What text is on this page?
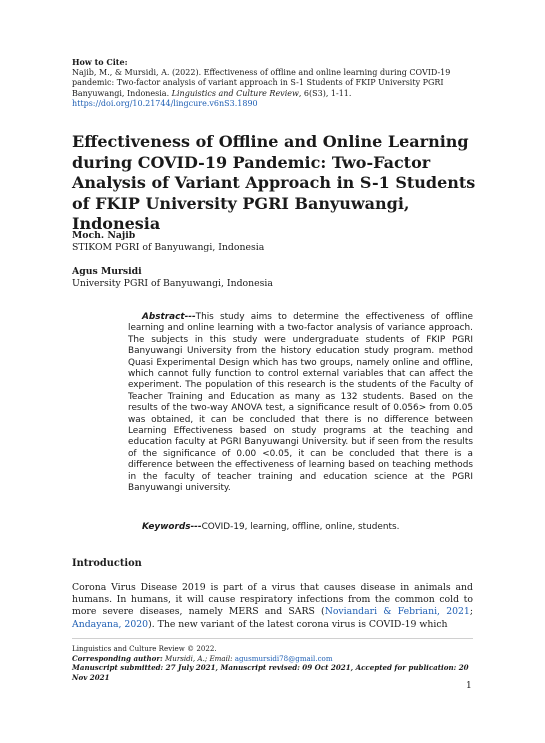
How to Cite:
Najib, M., & Mursidi, A. (2022). Effectiveness of offline and online learning during COVID-19 pandemic: Two-factor analysis of variant approach in S-1 Students of FKIP University PGRI Banyuwangi, Indonesia. Linguistics and Culture Review, 6(S3), 1-11.
https://doi.org/10.21744/lingcure.v6nS3.1890
Effectiveness of Offline and Online Learning during COVID-19 Pandemic: Two-Factor Analysis of Variant Approach in S-1 Students of FKIP University PGRI Banyuwangi, Indonesia
Moch. Najib
STIKOM PGRI of Banyuwangi, Indonesia
Agus Mursidi
University PGRI of Banyuwangi, Indonesia

Abstract---This study aims to determine the effectiveness of offline learning and online learning with a two-factor analysis of variance approach. The subjects in this study were undergraduate students of FKIP PGRI Banyuwangi University from the history education study program. method Quasi Experimental Design which has two groups, namely online and offline, which cannot fully function to control external variables that can affect the experiment. The population of this research is the students of the Faculty of Teacher Training and Education as many as 132 students. Based on the results of the two-way ANOVA test, a significance result of 0.056> from 0.05 was obtained, it can be concluded that there is no difference between Learning Effectiveness based on study programs at the teaching and education faculty at PGRI Banyuwangi University. but if seen from the results of the significance of 0.00 <0.05, it can be concluded that there is a difference between the effectiveness of learning based on teaching methods in the faculty of teacher training and education science at the PGRI Banyuwangi university.

Keywords---COVID-19, learning, offline, online, students.

Introduction

Corona Virus Disease 2019 is part of a virus that causes disease in animals and humans. In humans, it will cause respiratory infections from the common cold to more severe diseases, namely MERS and SARS (Noviandari & Febriani, 2021; Andayana, 2020). The new variant of the latest corona virus is COVID-19 which

Linguistics and Culture Review © 2022.
Corresponding author: Mursidi, A.; Email: agusmursidi78@gmail.com
Manuscript submitted: 27 July 2021, Manuscript revised: 09 Oct 2021, Accepted for publication: 20 Nov 2021
1
